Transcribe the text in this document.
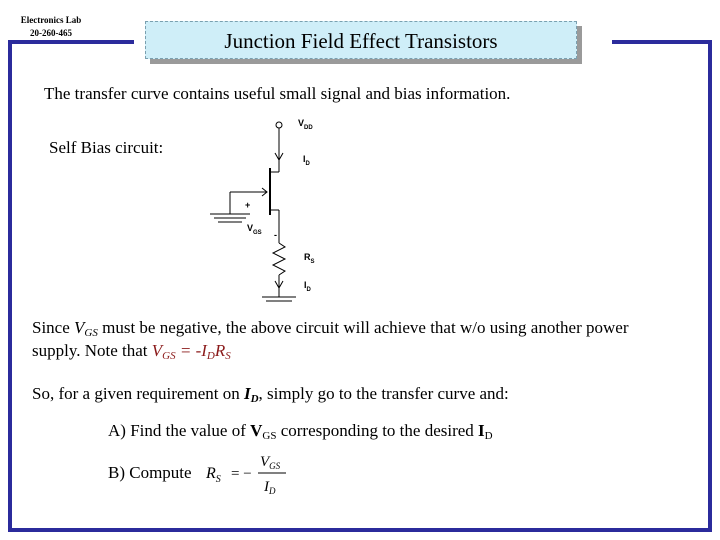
Electronics Lab
20-260-465	Junction Field Effect Transistors
The transfer curve contains useful small signal and bias information.
Self Bias circuit:
$V_{DD}$
$I_D$
+
$V_{GS}$ -
$R_S$
$I_D$
Since $V_{GS}$ must be negative, the above circuit will achieve that w/o using another power
supply. Note that $V_{GS} = -I_DR_S$
So, for a given requirement on $I_D$, simply go to the transfer curve and:
A) Find the value of $V_{GS}$ corresponding to the desired $I_D$
B) Compute $R_S$ = −
$V_{GS}$
$I_D$
